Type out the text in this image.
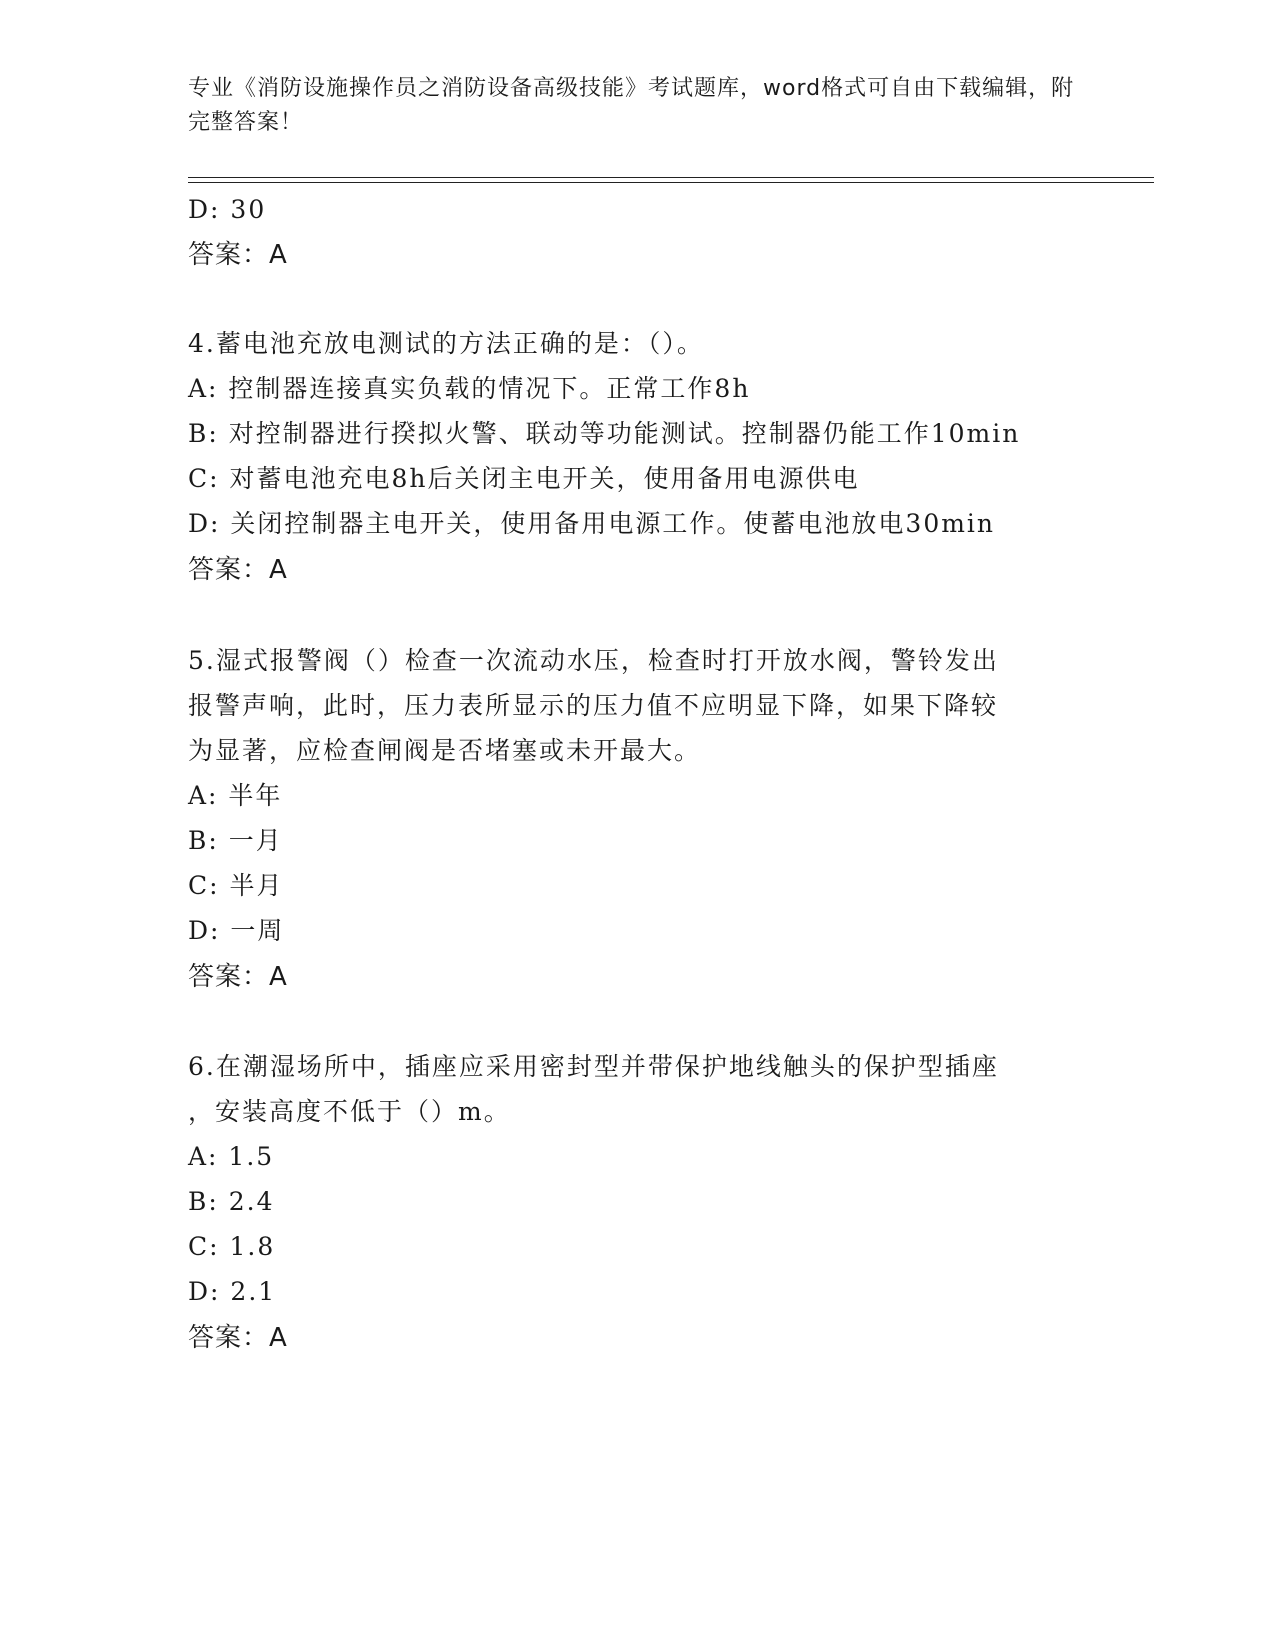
专业《消防设施操作员之消防设备高级技能》考试题库，word格式可自由下载编辑，附完整答案！
D: 30
答案：A
4.蓄电池充放电测试的方法正确的是：（）。
A: 控制器连接真实负载的情况下。正常工作8h
B: 对控制器进行揆拟火警、联动等功能测试。控制器仍能工作10min
C: 对蓄电池充电8h后关闭主电开关，使用备用电源供电
D: 关闭控制器主电开关，使用备用电源工作。使蓄电池放电30min
答案：A
5.湿式报警阀（）检查一次流动水压，检查时打开放水阀，警铃发出
报警声响，此时，压力表所显示的压力值不应明显下降，如果下降较
为显著，应检查闸阀是否堵塞或未开最大。
A: 半年
B: 一月
C: 半月
D: 一周
答案：A
6.在潮湿场所中，插座应采用密封型并带保护地线触头的保护型插座
，安装高度不低于（）m。
A: 1.5
B: 2.4
C: 1.8
D: 2.1
答案：A
